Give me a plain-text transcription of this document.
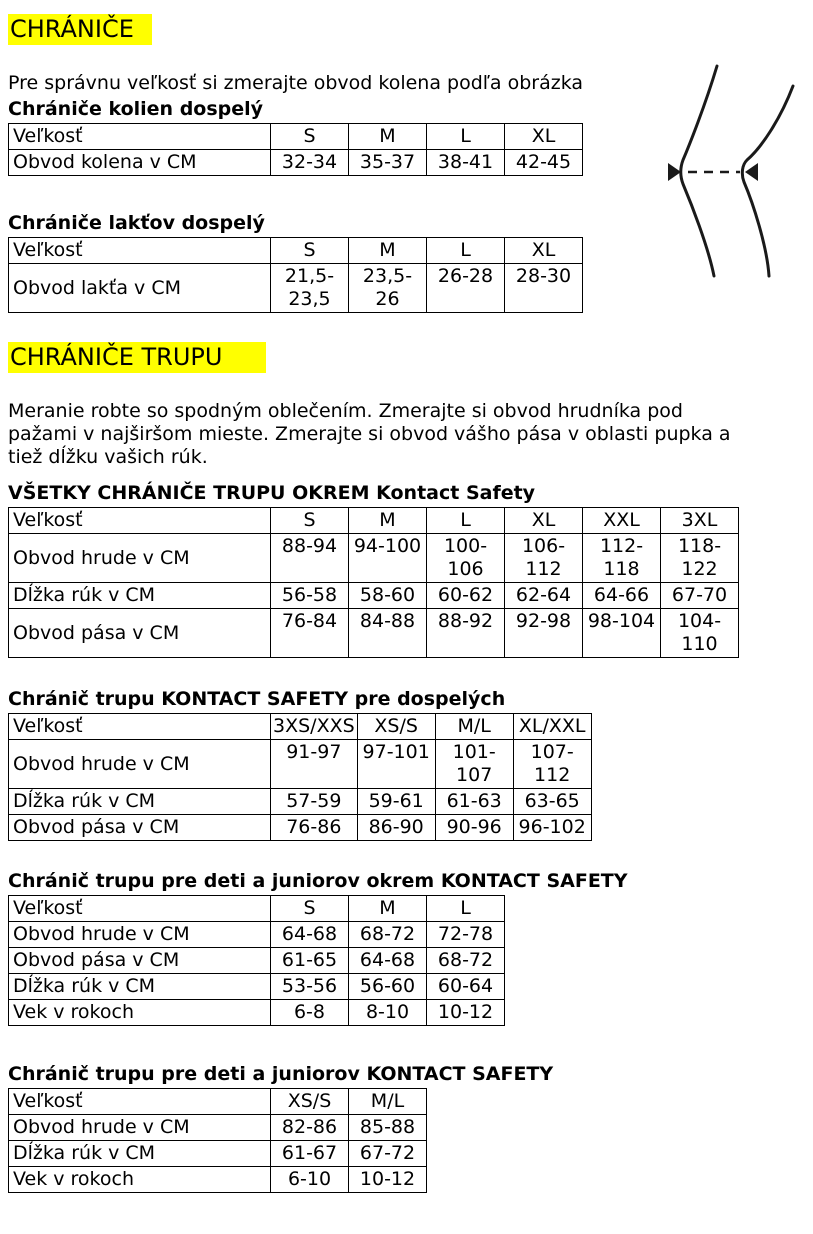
CHRÁNIČE

Pre správnu veľkosť si zmerajte obvod kolena podľa obrázka

Chrániče kolien dospelý
Veľkosť	S	M	L	XL
Obvod kolena v CM	32-34	35-37	38-41	42-45
Chrániče lakťov dospelý
Veľkosť	S	M	L	XL
Obvod lakťa v CM	21,5-23,5	23,5-26	26-28	28-30
CHRÁNIČE TRUPU

Meranie robte so spodným oblečením. Zmerajte si obvod hrudníka pod pažami v najširšom mieste. Zmerajte si obvod vášho pása v oblasti pupka a tiež dĺžku vašich rúk.

VŠETKY CHRÁNIČE TRUPU OKREM Kontact Safety
Veľkosť	S	M	L	XL	XXL	3XL
Obvod hrude v CM	88-94	94-100	100-106	106-112	112-118	118-122
Dĺžka rúk v CM	56-58	58-60	60-62	62-64	64-66	67-70
Obvod pása v CM	76-84	84-88	88-92	92-98	98-104	104-110
Chránič trupu KONTACT SAFETY pre dospelých
Veľkosť	3XS/XXS	XS/S	M/L	XL/XXL
Obvod hrude v CM	91-97	97-101	101-107	107-112
Dĺžka rúk v CM	57-59	59-61	61-63	63-65
Obvod pása v CM	76-86	86-90	90-96	96-102
Chránič trupu pre deti a juniorov okrem KONTACT SAFETY
Veľkosť	S	M	L
Obvod hrude v CM	64-68	68-72	72-78
Obvod pása v CM	61-65	64-68	68-72
Dĺžka rúk v CM	53-56	56-60	60-64
Vek v rokoch	6-8	8-10	10-12
Chránič trupu pre deti a juniorov KONTACT SAFETY
Veľkosť	XS/S	M/L
Obvod hrude v CM	82-86	85-88
Dĺžka rúk v CM	61-67	67-72
Vek v rokoch	6-10	10-12
